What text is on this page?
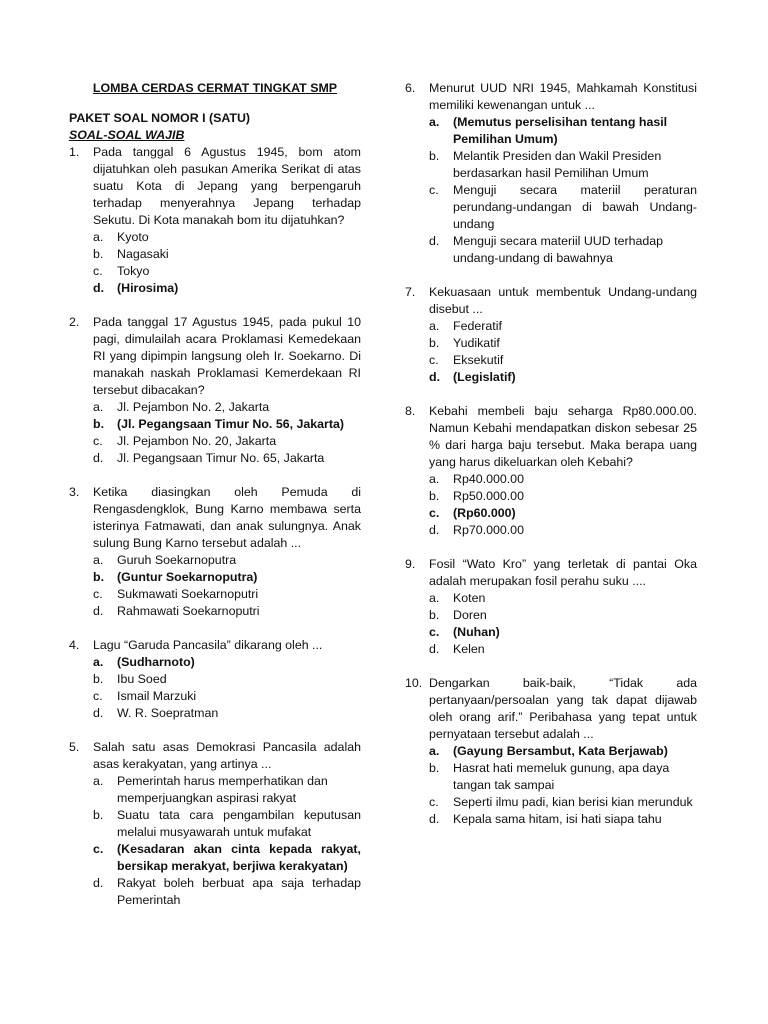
LOMBA CERDAS CERMAT TINGKAT SMP
PAKET SOAL NOMOR I (SATU)
SOAL-SOAL WAJIB
1. Pada tanggal 6 Agustus 1945, bom atom dijatuhkan oleh pasukan Amerika Serikat di atas suatu Kota di Jepang yang berpengaruh terhadap menyerahnya Jepang terhadap Sekutu. Di Kota manakah bom itu dijatuhkan?
a. Kyoto
b. Nagasaki
c. Tokyo
d. (Hirosima)
2. Pada tanggal 17 Agustus 1945, pada pukul 10 pagi, dimulailah acara Proklamasi Kemedekaan RI yang dipimpin langsung oleh Ir. Soekarno. Di manakah naskah Proklamasi Kemerdekaan RI tersebut dibacakan?
a. Jl. Pejambon No. 2, Jakarta
b. (Jl. Pegangsaan Timur No. 56, Jakarta)
c. Jl. Pejambon No. 20, Jakarta
d. Jl. Pegangsaan Timur No. 65, Jakarta
3. Ketika diasingkan oleh Pemuda di Rengasdengklok, Bung Karno membawa serta isterinya Fatmawati, dan anak sulungnya. Anak sulung Bung Karno tersebut adalah ...
a. Guruh Soekarnoputra
b. (Guntur Soekarnoputra)
c. Sukmawati Soekarnoputri
d. Rahmawati Soekarnoputri
4. Lagu “Garuda Pancasila” dikarang oleh ...
a. (Sudharnoto)
b. Ibu Soed
c. Ismail Marzuki
d. W. R. Soepratman
5. Salah satu asas Demokrasi Pancasila adalah asas kerakyatan, yang artinya ...
a. Pemerintah harus memperhatikan dan memperjuangkan aspirasi rakyat
b. Suatu tata cara pengambilan keputusan melalui musyawarah untuk mufakat
c. (Kesadaran akan cinta kepada rakyat, bersikap merakyat, berjiwa kerakyatan)
d. Rakyat boleh berbuat apa saja terhadap Pemerintah
6. Menurut UUD NRI 1945, Mahkamah Konstitusi memiliki kewenangan untuk ...
a. (Memutus perselisihan tentang hasil Pemilihan Umum)
b. Melantik Presiden dan Wakil Presiden berdasarkan hasil Pemilihan Umum
c. Menguji secara materiil peraturan perundang-undangan di bawah Undang-undang
d. Menguji secara materiil UUD terhadap undang-undang di bawahnya
7. Kekuasaan untuk membentuk Undang-undang disebut ...
a. Federatif
b. Yudikatif
c. Eksekutif
d. (Legislatif)
8. Kebahi membeli baju seharga Rp80.000.00. Namun Kebahi mendapatkan diskon sebesar 25 % dari harga baju tersebut. Maka berapa uang yang harus dikeluarkan oleh Kebahi?
a. Rp40.000.00
b. Rp50.000.00
c. (Rp60.000)
d. Rp70.000.00
9. Fosil “Wato Kro” yang terletak di pantai Oka adalah merupakan fosil perahu suku ....
a. Koten
b. Doren
c. (Nuhan)
d. Kelen
10. Dengarkan baik-baik, “Tidak ada pertanyaan/persoalan yang tak dapat dijawab oleh orang arif.” Peribahasa yang tepat untuk pernyataan tersebut adalah ...
a. (Gayung Bersambut, Kata Berjawab)
b. Hasrat hati memeluk gunung, apa daya tangan tak sampai
c. Seperti ilmu padi, kian berisi kian merunduk
d. Kepala sama hitam, isi hati siapa tahu
